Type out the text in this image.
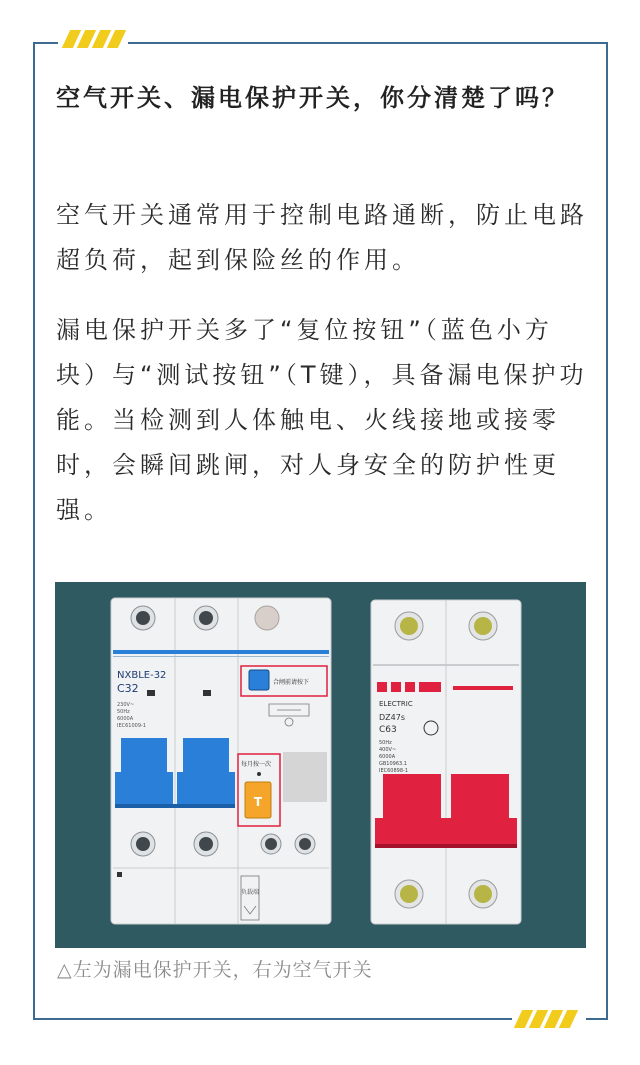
空气开关、漏电保护开关，你分清楚了吗？

空气开关通常用于控制电路通断，防止电路超负荷，起到保险丝的作用。

漏电保护开关多了“复位按钮”（蓝色小方块）与“测试按钮”（T键），具备漏电保护功能。当检测到人体触电、火线接地或接零时，会瞬间跳闸，对人身安全的防护性更强。

NXBLE-32
C32
230V~
50Hz
6000A
IEC61009-1
合闸前请按下
每月按一次
T
负载端
ELECTRIC
DZ47s
C63
50Hz
400V~
6000A
GB10963.1
IEC60898-1
△左为漏电保护开关，右为空气开关
